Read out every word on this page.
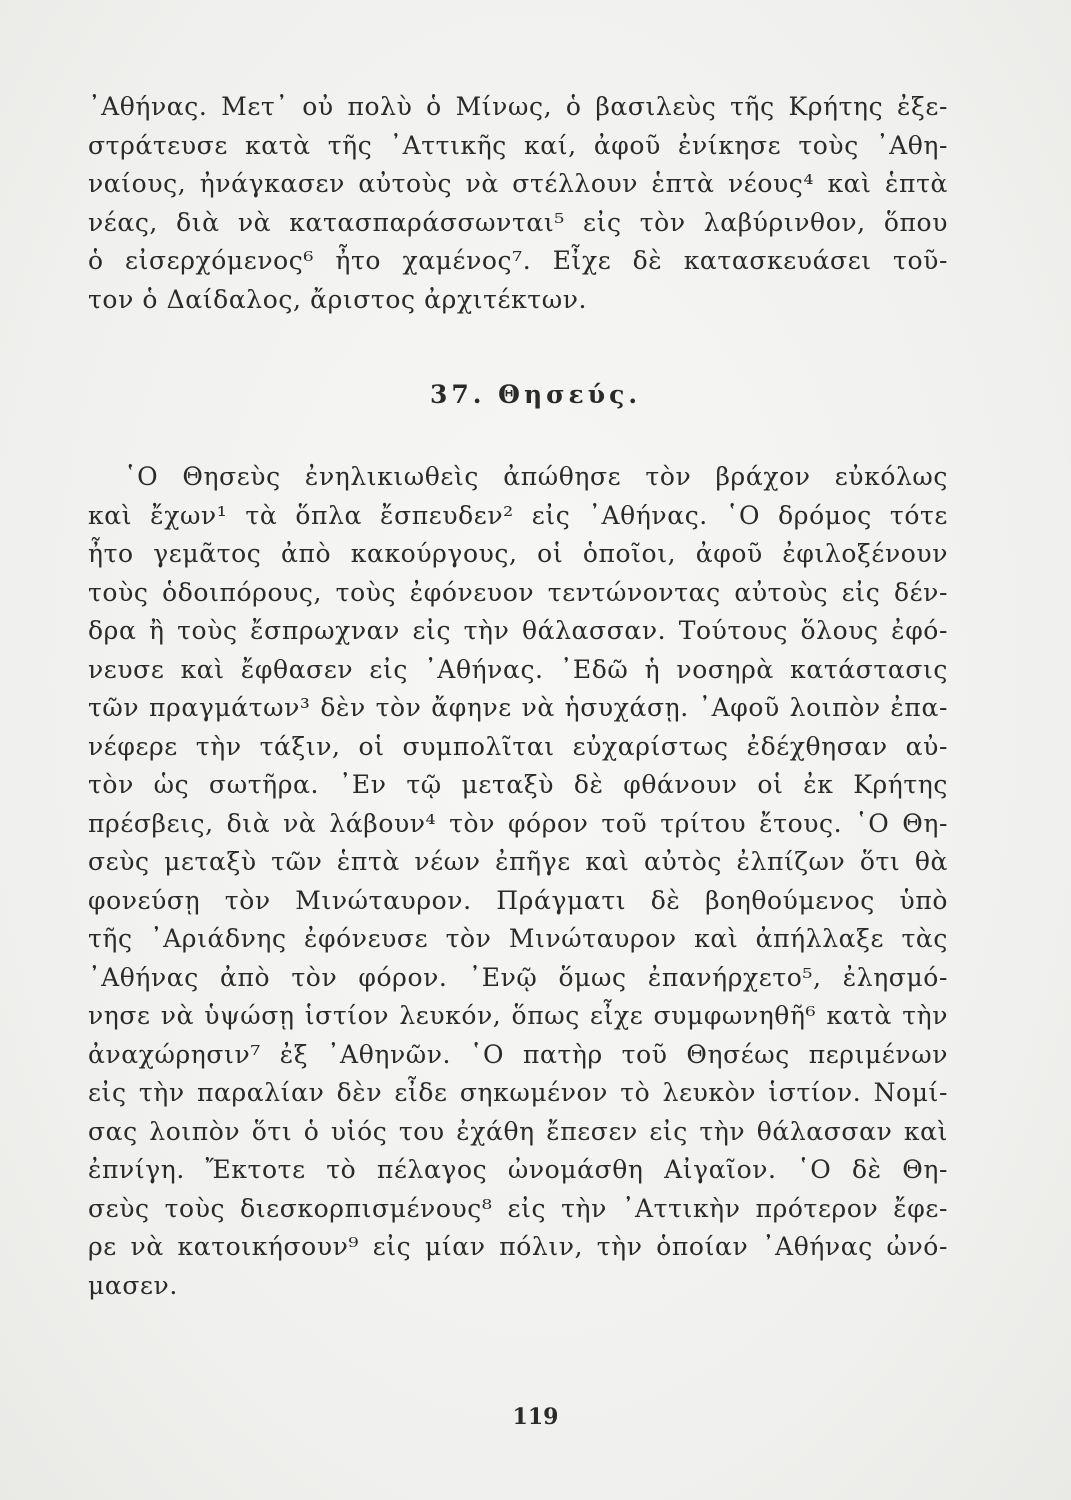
᾿Αθήνας. Μετ᾿ οὐ πολὺ ὁ Μίνως, ὁ βασιλεὺς τῆς Κρήτης ἐξε-
στράτευσε κατὰ τῆς ᾿Αττικῆς καί, ἀφοῦ ἐνίκησε τοὺς ᾿Αθη-
ναίους, ἠνάγκασεν αὐτοὺς νὰ στέλλουν ἑπτὰ νέους⁴ καὶ ἑπτὰ
νέας, διὰ νὰ κατασπαράσσωνται⁵ εἰς τὸν λαβύρινθον, ὅπου
ὁ εἰσερχόμενος⁶ ἦτο χαμένος⁷. Εἶχε δὲ κατασκευάσει τοῦ-
τον ὁ Δαίδαλος, ἄριστος ἀρχιτέκτων.

37. Θησεύς.

῾Ο Θησεὺς ἐνηλικιωθεὶς ἀπώθησε τὸν βράχον εὐκόλως
καὶ ἔχων¹ τὰ ὅπλα ἔσπευδεν² εἰς ᾿Αθήνας. ῾Ο δρόμος τότε
ἦτο γεμᾶτος ἀπὸ κακούργους, οἱ ὁποῖοι, ἀφοῦ ἐφιλοξένουν
τοὺς ὁδοιπόρους, τοὺς ἐφόνευον τεντώνοντας αὐτοὺς εἰς δέν-
δρα ἢ τοὺς ἔσπρωχναν εἰς τὴν θάλασσαν. Τούτους ὅλους ἐφό-
νευσε καὶ ἔφθασεν εἰς ᾿Αθήνας. ᾿Εδῶ ἡ νοσηρὰ κατάστασις
τῶν πραγμάτων³ δὲν τὸν ἄφηνε νὰ ἡσυχάσῃ. ᾿Αφοῦ λοιπὸν ἐπα-
νέφερε τὴν τάξιν, οἱ συμπολῖται εὐχαρίστως ἐδέχθησαν αὐ-
τὸν ὡς σωτῆρα. ᾿Εν τῷ μεταξὺ δὲ φθάνουν οἱ ἐκ Κρήτης
πρέσβεις, διὰ νὰ λάβουν⁴ τὸν φόρον τοῦ τρίτου ἔτους. ῾Ο Θη-
σεὺς μεταξὺ τῶν ἑπτὰ νέων ἐπῆγε καὶ αὐτὸς ἐλπίζων ὅτι θὰ
φονεύσῃ τὸν Μινώταυρον. Πράγματι δὲ βοηθούμενος ὑπὸ
τῆς ᾿Αριάδνης ἐφόνευσε τὸν Μινώταυρον καὶ ἀπήλλαξε τὰς
᾿Αθήνας ἀπὸ τὸν φόρον. ᾿Ενῷ ὅμως ἐπανήρχετο⁵, ἐλησμό-
νησε νὰ ὑψώσῃ ἱστίον λευκόν, ὅπως εἶχε συμφωνηθῆ⁶ κατὰ τὴν
ἀναχώρησιν⁷ ἐξ ᾿Αθηνῶν. ῾Ο πατὴρ τοῦ Θησέως περιμένων
εἰς τὴν παραλίαν δὲν εἶδε σηκωμένον τὸ λευκὸν ἱστίον. Νομί-
σας λοιπὸν ὅτι ὁ υἱός του ἐχάθη ἔπεσεν εἰς τὴν θάλασσαν καὶ
ἐπνίγη. Ἔκτοτε τὸ πέλαγος ὠνομάσθη Αἰγαῖον. ῾Ο δὲ Θη-
σεὺς τοὺς διεσκορπισμένους⁸ εἰς τὴν ᾿Αττικὴν πρότερον ἔφε-
ρε νὰ κατοικήσουν⁹ εἰς μίαν πόλιν, τὴν ὁποίαν ᾿Αθήνας ὠνό-
μασεν.

119
